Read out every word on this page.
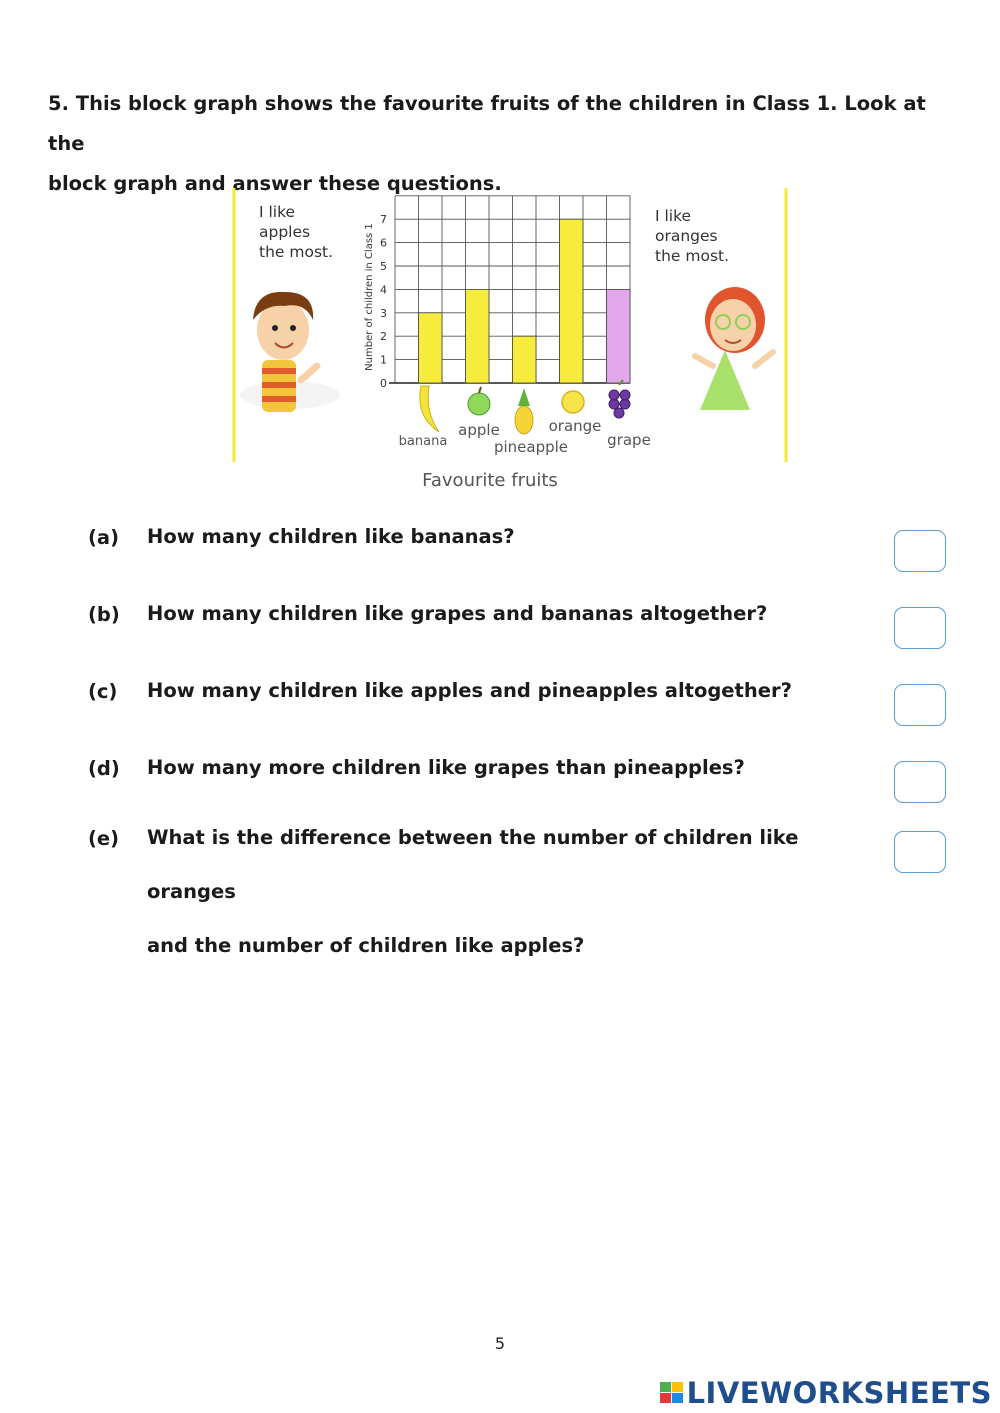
5. This block graph shows the favourite fruits of the children in Class 1. Look at the
block graph and answer these questions.
Number of children in Class 1
0
1
2
3
4
5
6
7
banana
apple
pineapple
orange
grape
I like
apples
the most.
I like
oranges
the most.
Favourite fruits
(a)	How many children like bananas?
(b)	How many children like grapes and bananas altogether?
(c)	How many children like apples and pineapples altogether?
(d)	How many more children like grapes than pineapples?
(e)	What is the difference between the number of children like oranges
and the number of children like apples?
5
LIVEWORKSHEETS
